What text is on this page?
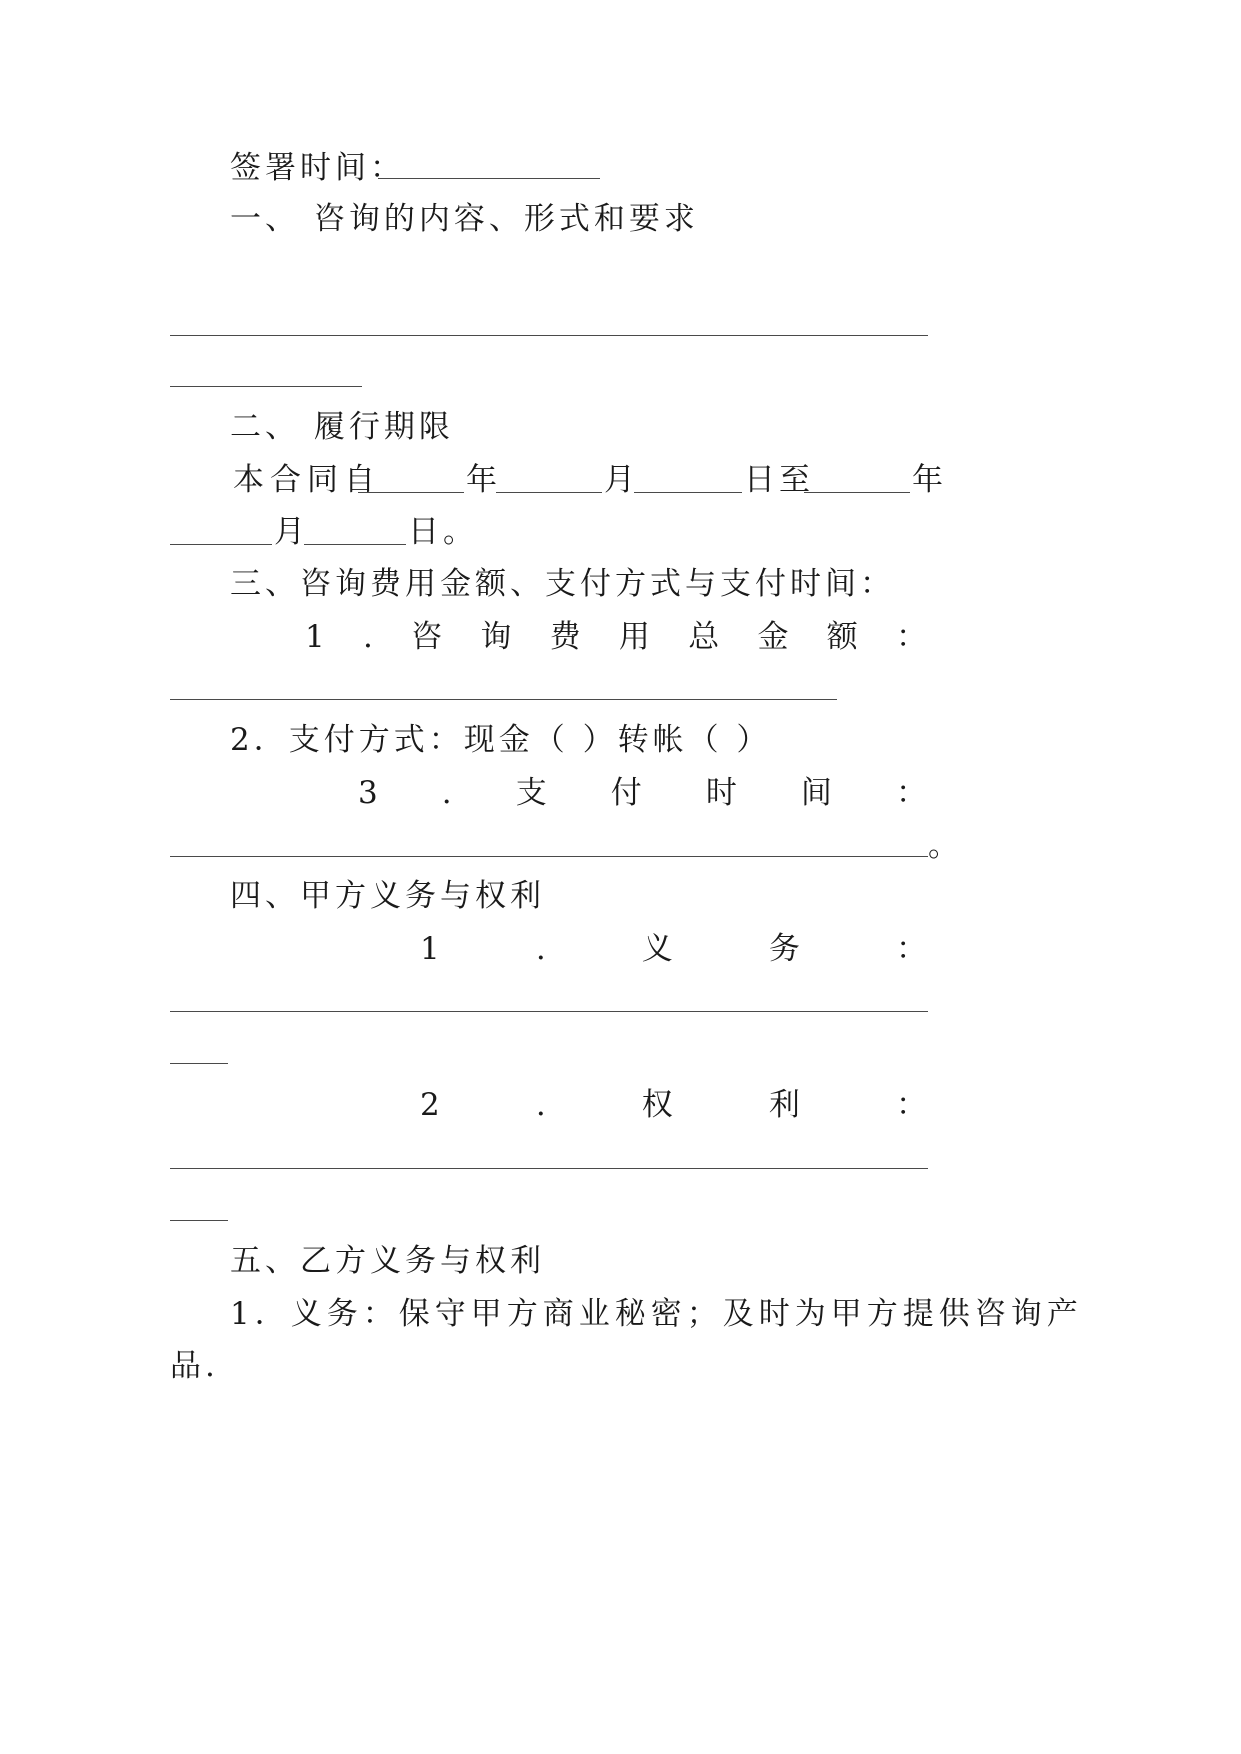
签署时间：
一、 咨询的内容、形式和要求
二、 履行期限
本合同自	年	月	日至	年
月	日。
三、咨询费用金额、支付方式与支付时间：
1 . 咨 询 费 用 总 金 额 ：
2．支付方式：现金（ ）转帐（ ）
3 . 支 付 时 间 ：
。
四、甲方义务与权利
1	.	义	务	：
2	.	权	利	：
五、乙方义务与权利
1．义务：保守甲方商业秘密；及时为甲方提供咨询产
品.
